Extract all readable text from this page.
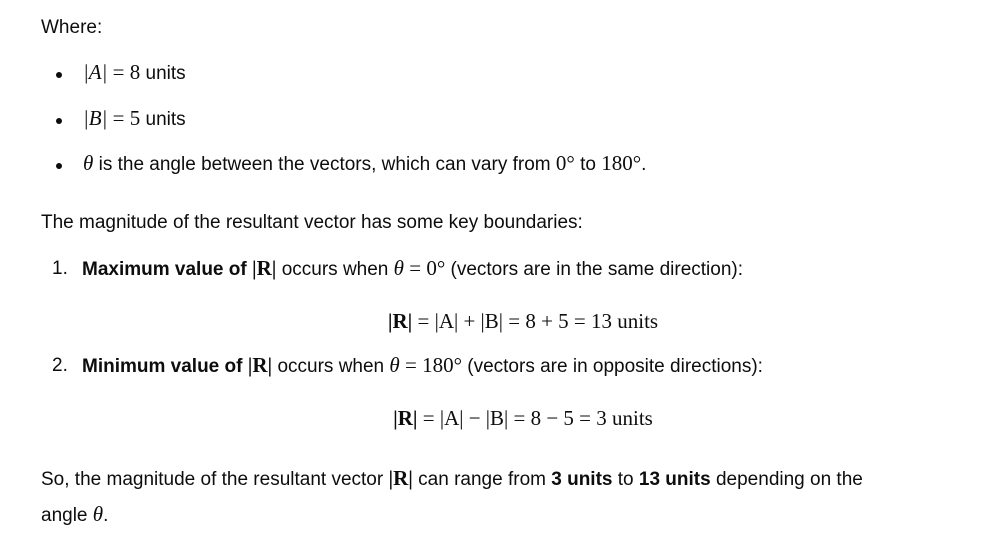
Where:
|A| = 8 units
|B| = 5 units
θ is the angle between the vectors, which can vary from 0° to 180°.
The magnitude of the resultant vector has some key boundaries:
1. Maximum value of |R| occurs when θ = 0° (vectors are in the same direction):
|R| = |A| + |B| = 8 + 5 = 13 units
2. Minimum value of |R| occurs when θ = 180° (vectors are in opposite directions):
|R| = |A| − |B| = 8 − 5 = 3 units
So, the magnitude of the resultant vector |R| can range from 3 units to 13 units depending on the
angle θ.
